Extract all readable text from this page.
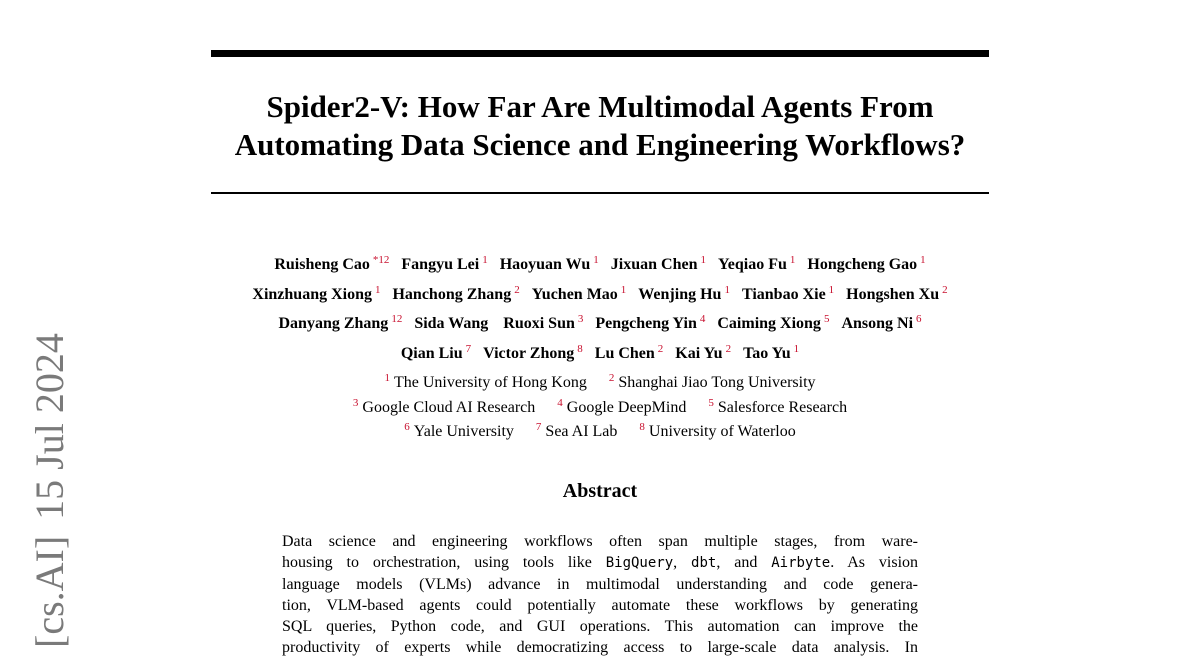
Spider2-V: How Far Are Multimodal Agents From
Automating Data Science and Engineering Workflows?
Ruisheng Cao $^{*12}$ Fangyu Lei $^1$ Haoyuan Wu $^1$ Jixuan Chen $^1$ Yeqiao Fu $^1$ Hongcheng Gao $^1$
Xinzhuang Xiong $^1$ Hanchong Zhang $^2$ Yuchen Mao $^1$ Wenjing Hu $^1$ Tianbao Xie $^1$ Hongshen Xu $^2$
Danyang Zhang $^{12}$ Sida Wang Ruoxi Sun $^3$ Pengcheng Yin $^4$ Caiming Xiong $^5$ Ansong Ni $^6$
Qian Liu $^7$ Victor Zhong $^8$ Lu Chen $^2$ Kai Yu $^2$ Tao Yu $^1$
$^1$ The University of Hong Kong $^2$ Shanghai Jiao Tong University
$^3$ Google Cloud AI Research $^4$ Google DeepMind $^5$ Salesforce Research
$^6$ Yale University $^7$ Sea AI Lab $^8$ University of Waterloo
Abstract
Data science and engineering workflows often span multiple stages, from ware-
housing to orchestration, using tools like BigQuery, dbt, and Airbyte. As vision
language models (VLMs) advance in multimodal understanding and code genera-
tion, VLM-based agents could potentially automate these workflows by generating
SQL queries, Python code, and GUI operations. This automation can improve the
productivity of experts while democratizing access to large-scale data analysis. In
[cs.AI]15 Jul 2024
